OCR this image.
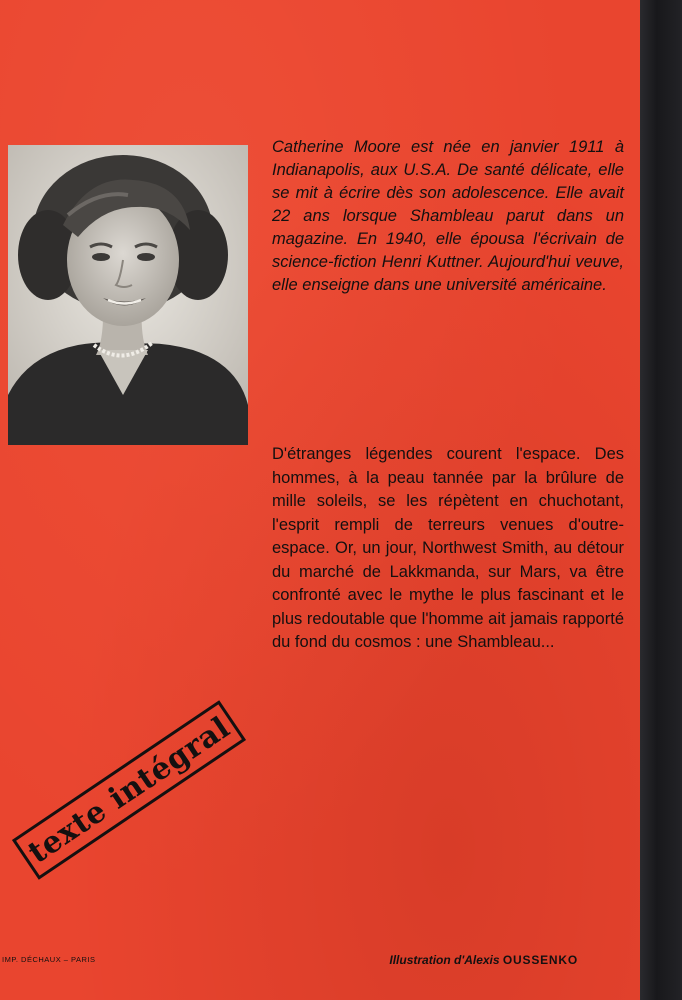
Catherine Moore est née en janvier 1911 à Indianapolis, aux U.S.A. De santé délicate, elle se mit à écrire dès son adolescence. Elle avait 22 ans lorsque Shambleau parut dans un magazine. En 1940, elle épousa l'écrivain de science-fiction Henri Kuttner. Aujourd'hui veuve, elle enseigne dans une université américaine.

D'étranges légendes courent l'espace. Des hommes, à la peau tannée par la brûlure de mille soleils, se les répètent en chuchotant, l'esprit rempli de terreurs venues d'outre-espace. Or, un jour, Northwest Smith, au détour du marché de Lakkmanda, sur Mars, va être confronté avec le mythe le plus fascinant et le plus redoutable que l'homme ait jamais rapporté du fond du cosmos : une Shambleau...

texte intégral
IMP. DÉCHAUX – PARIS	Illustration d'Alexis OUSSENKO
